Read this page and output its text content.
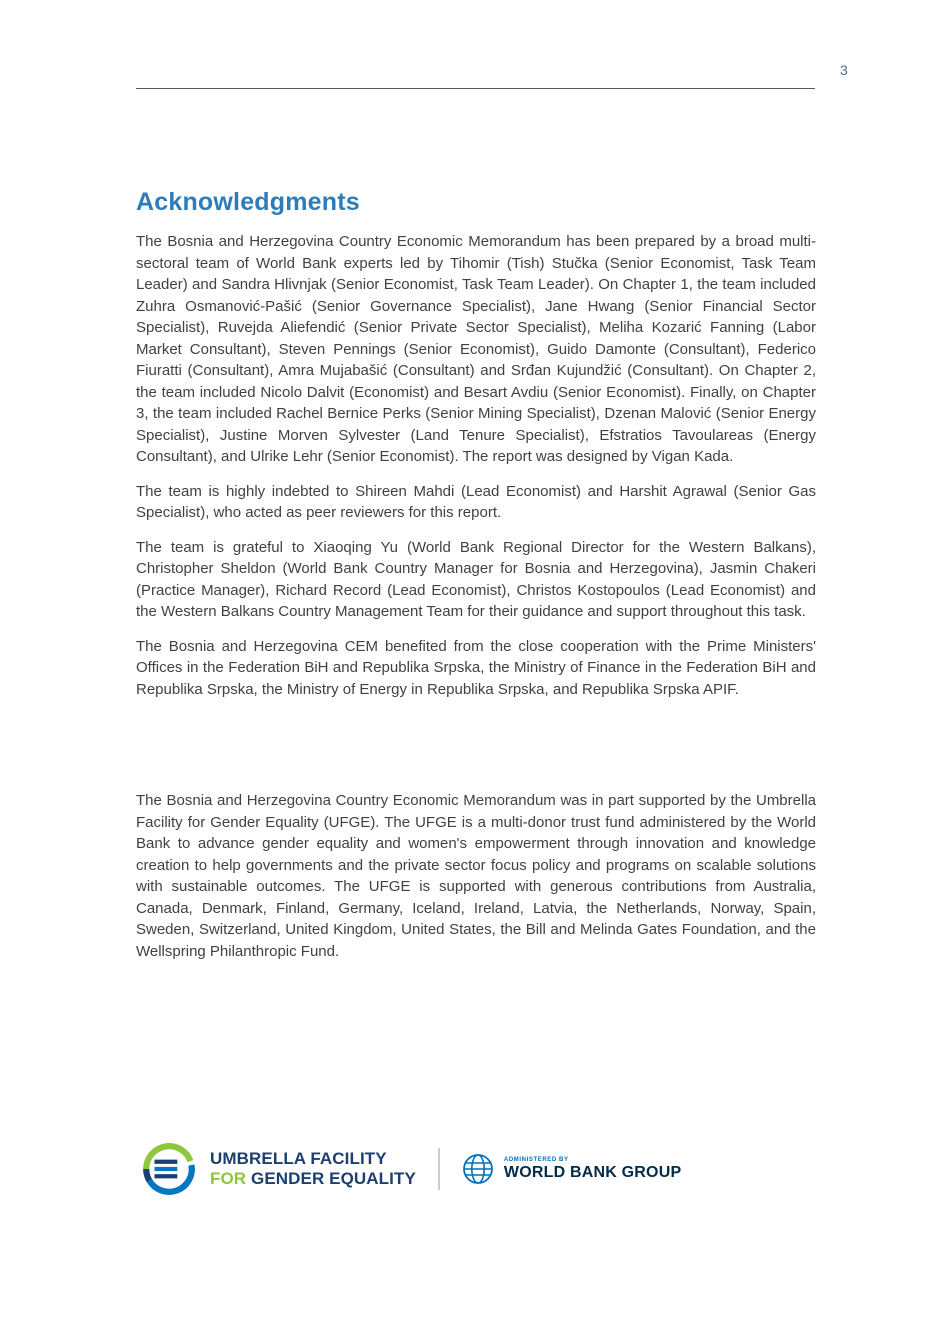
3
Acknowledgments

The Bosnia and Herzegovina Country Economic Memorandum has been prepared by a broad multi-sectoral team of World Bank experts led by Tihomir (Tish) Stučka (Senior Economist, Task Team Leader) and Sandra Hlivnjak (Senior Economist, Task Team Leader). On Chapter 1, the team included Zuhra Osmanović-Pašić (Senior Governance Specialist), Jane Hwang (Senior Financial Sector Specialist), Ruvejda Aliefendić (Senior Private Sector Specialist), Meliha Kozarić Fanning (Labor Market Consultant), Steven Pennings (Senior Economist), Guido Damonte (Consultant), Federico Fiuratti (Consultant), Amra Mujabašić (Consultant) and Srđan Kujundžić (Consultant). On Chapter 2, the team included Nicolo Dalvit (Economist) and Besart Avdiu (Senior Economist). Finally, on Chapter 3, the team included Rachel Bernice Perks (Senior Mining Specialist), Dzenan Malović (Senior Energy Specialist), Justine Morven Sylvester (Land Tenure Specialist), Efstratios Tavoulareas (Energy Consultant), and Ulrike Lehr (Senior Economist). The report was designed by Vigan Kada.

The team is highly indebted to Shireen Mahdi (Lead Economist) and Harshit Agrawal (Senior Gas Specialist), who acted as peer reviewers for this report.

The team is grateful to Xiaoqing Yu (World Bank Regional Director for the Western Balkans), Christopher Sheldon (World Bank Country Manager for Bosnia and Herzegovina), Jasmin Chakeri (Practice Manager), Richard Record (Lead Economist), Christos Kostopoulos (Lead Economist) and the Western Balkans Country Management Team for their guidance and support throughout this task.

The Bosnia and Herzegovina CEM benefited from the close cooperation with the Prime Ministers' Offices in the Federation BiH and Republika Srpska, the Ministry of Finance in the Federation BiH and Republika Srpska, the Ministry of Energy in Republika Srpska, and Republika Srpska APIF.

The Bosnia and Herzegovina Country Economic Memorandum was in part supported by the Umbrella Facility for Gender Equality (UFGE). The UFGE is a multi-donor trust fund administered by the World Bank to advance gender equality and women's empowerment through innovation and knowledge creation to help governments and the private sector focus policy and programs on scalable solutions with sustainable outcomes. The UFGE is supported with generous contributions from Australia, Canada, Denmark, Finland, Germany, Iceland, Ireland, Latvia, the Netherlands, Norway, Spain, Sweden, Switzerland, United Kingdom, United States, the Bill and Melinda Gates Foundation, and the Wellspring Philanthropic Fund.

UMBRELLA FACILITY
FOR GENDER EQUALITY
ADMINISTERED BY
WORLD BANK GROUP
